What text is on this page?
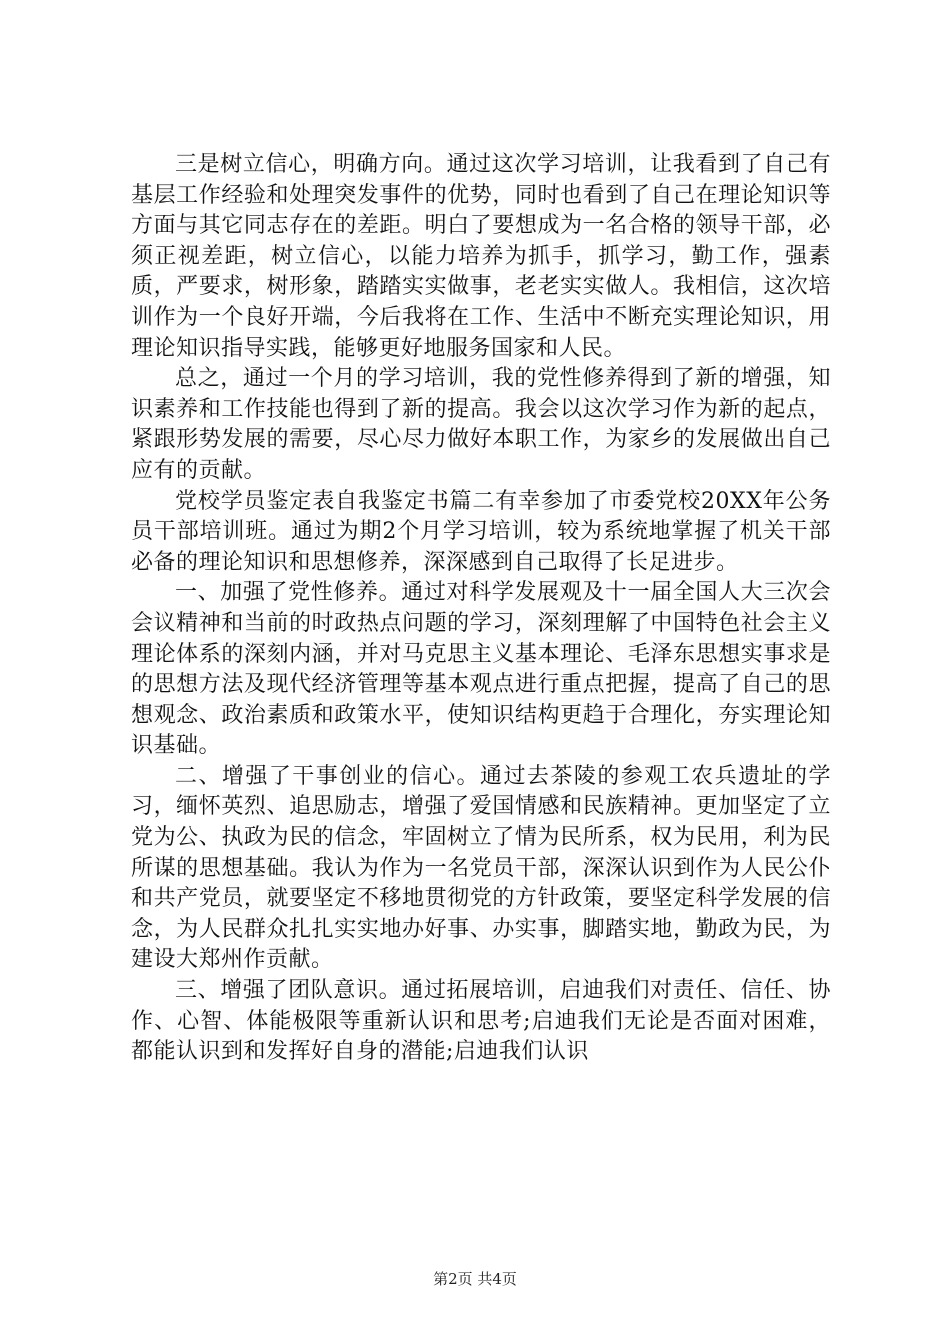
三是树立信心，明确方向。通过这次学习培训，让我看到了自己有基层工作经验和处理突发事件的优势，同时也看到了自己在理论知识等方面与其它同志存在的差距。明白了要想成为一名合格的领导干部，必须正视差距，树立信心，以能力培养为抓手，抓学习，勤工作，强素质，严要求，树形象，踏踏实实做事，老老实实做人。我相信，这次培训作为一个良好开端，今后我将在工作、生活中不断充实理论知识，用理论知识指导实践，能够更好地服务国家和人民。

总之，通过一个月的学习培训，我的党性修养得到了新的增强，知识素养和工作技能也得到了新的提高。我会以这次学习作为新的起点，紧跟形势发展的需要，尽心尽力做好本职工作，为家乡的发展做出自己应有的贡献。

党校学员鉴定表自我鉴定书篇二有幸参加了市委党校20XX年公务员干部培训班。通过为期2个月学习培训，较为系统地掌握了机关干部必备的理论知识和思想修养，深深感到自己取得了长足进步。

一、加强了党性修养。通过对科学发展观及十一届全国人大三次会会议精神和当前的时政热点问题的学习，深刻理解了中国特色社会主义理论体系的深刻内涵，并对马克思主义基本理论、毛泽东思想实事求是的思想方法及现代经济管理等基本观点进行重点把握，提高了自己的思想观念、政治素质和政策水平，使知识结构更趋于合理化，夯实理论知识基础。

二、增强了干事创业的信心。通过去茶陵的参观工农兵遗址的学习，缅怀英烈、追思励志，增强了爱国情感和民族精神。更加坚定了立党为公、执政为民的信念，牢固树立了情为民所系，权为民用，利为民所谋的思想基础。我认为作为一名党员干部，深深认识到作为人民公仆和共产党员，就要坚定不移地贯彻党的方针政策，要坚定科学发展的信念，为人民群众扎扎实实地办好事、办实事，脚踏实地，勤政为民，为建设大郑州作贡献。

三、增强了团队意识。通过拓展培训，启迪我们对责任、信任、协作、心智、体能极限等重新认识和思考;启迪我们无论是否面对困难，都能认识到和发挥好自身的潜能;启迪我们认识

第2页 共4页
